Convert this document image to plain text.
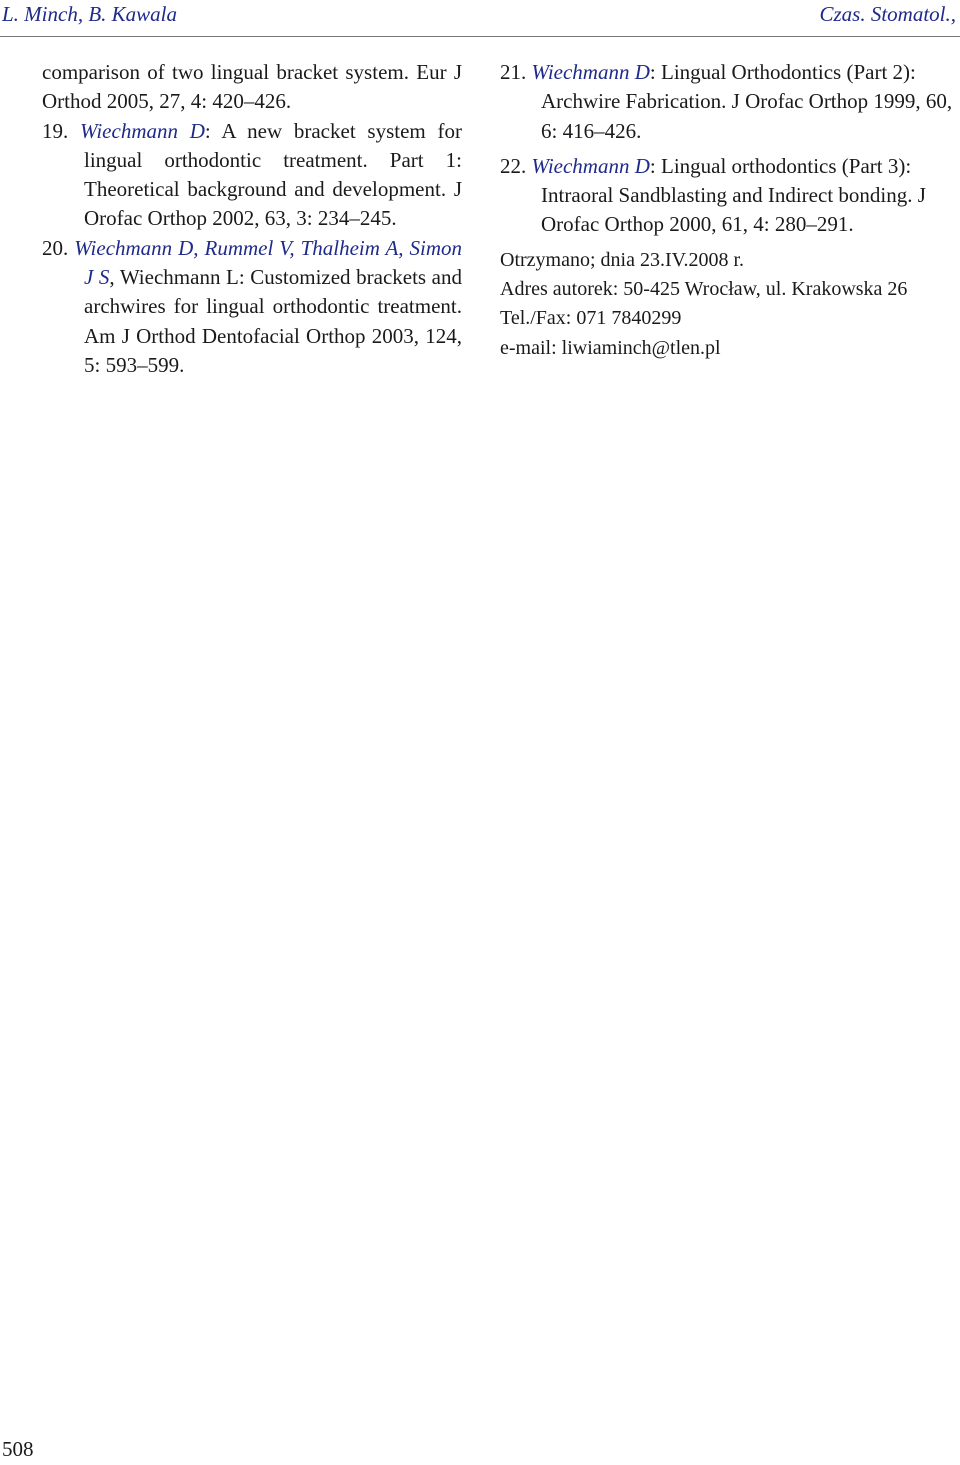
L. Minch, B. Kawala	Czas. Stomatol.,
comparison of two lingual bracket system. Eur J Orthod 2005, 27, 4: 420–426.
19. Wiechmann D: A new bracket system for lingual orthodontic treatment. Part 1: Theoretical background and development. J Orofac Orthop 2002, 63, 3: 234–245.
20. Wiechmann D, Rummel V, Thalheim A, Simon J S, Wiechmann L: Customized brackets and archwires for lingual orthodontic treatment. Am J Orthod Dentofacial Orthop 2003, 124, 5: 593–599.
21. Wiechmann D: Lingual Orthodontics (Part 2): Archwire Fabrication. J Orofac Orthop 1999, 60, 6: 416–426.
22. Wiechmann D: Lingual orthodontics (Part 3): Intraoral Sandblasting and Indirect bonding. J Orofac Orthop 2000, 61, 4: 280–291.
Otrzymano; dnia 23.IV.2008 r.
Adres autorek: 50-425 Wrocław, ul. Krakowska 26
Tel./Fax: 071 7840299
e-mail: liwiaminch@tlen.pl
508
